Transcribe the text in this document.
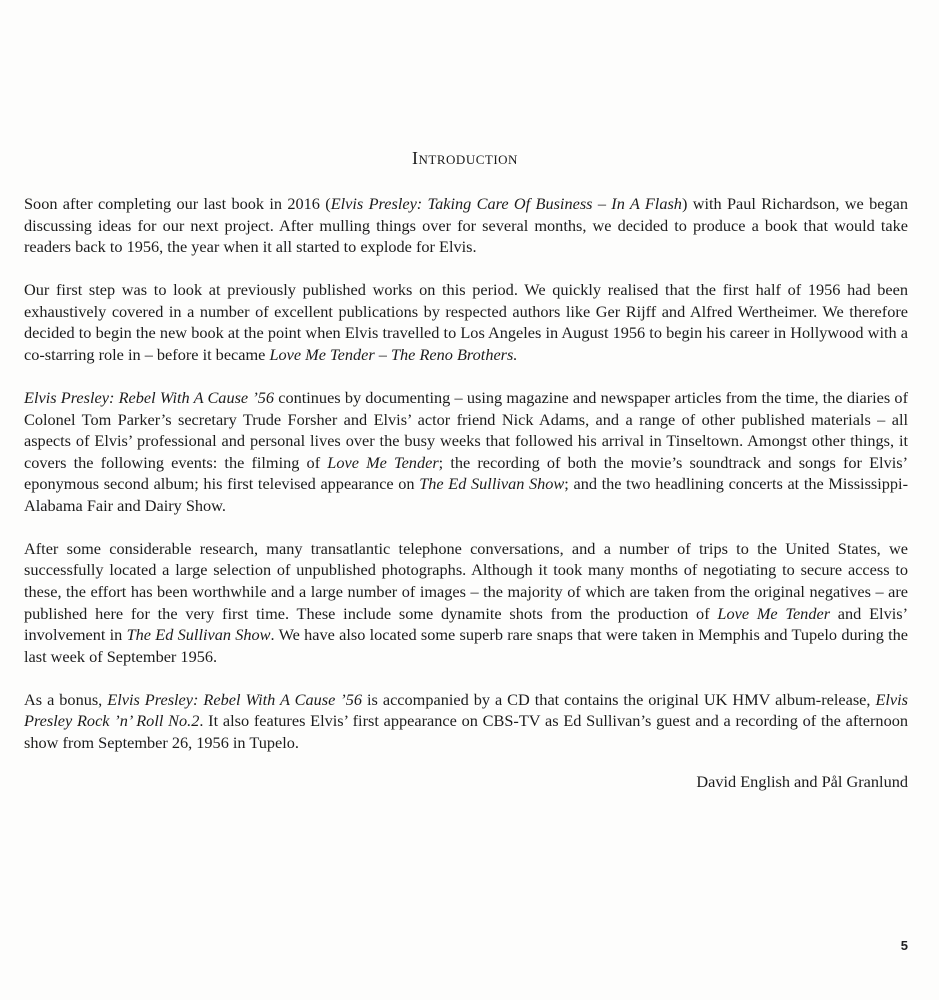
Introduction

Soon after completing our last book in 2016 (Elvis Presley: Taking Care Of Business – In A Flash) with Paul Richardson, we began discussing ideas for our next project. After mulling things over for several months, we decided to produce a book that would take readers back to 1956, the year when it all started to explode for Elvis.

Our first step was to look at previously published works on this period. We quickly realised that the first half of 1956 had been exhaustively covered in a number of excellent publications by respected authors like Ger Rijff and Alfred Wertheimer. We therefore decided to begin the new book at the point when Elvis travelled to Los Angeles in August 1956 to begin his career in Hollywood with a co-starring role in – before it became Love Me Tender – The Reno Brothers.

Elvis Presley: Rebel With A Cause ’56 continues by documenting – using magazine and newspaper articles from the time, the diaries of Colonel Tom Parker’s secretary Trude Forsher and Elvis’ actor friend Nick Adams, and a range of other published materials – all aspects of Elvis’ professional and personal lives over the busy weeks that followed his arrival in Tinseltown. Amongst other things, it covers the following events: the filming of Love Me Tender; the recording of both the movie’s soundtrack and songs for Elvis’ eponymous second album; his first televised appearance on The Ed Sullivan Show; and the two headlining concerts at the Mississippi-Alabama Fair and Dairy Show.

After some considerable research, many transatlantic telephone conversations, and a number of trips to the United States, we successfully located a large selection of unpublished photographs. Although it took many months of negotiating to secure access to these, the effort has been worthwhile and a large number of images – the majority of which are taken from the original negatives – are published here for the very first time. These include some dynamite shots from the production of Love Me Tender and Elvis’ involvement in The Ed Sullivan Show. We have also located some superb rare snaps that were taken in Memphis and Tupelo during the last week of September 1956.

As a bonus, Elvis Presley: Rebel With A Cause ’56 is accompanied by a CD that contains the original UK HMV album-release, Elvis Presley Rock ’n’ Roll No.2. It also features Elvis’ first appearance on CBS-TV as Ed Sullivan’s guest and a recording of the afternoon show from September 26, 1956 in Tupelo.

David English and Pål Granlund
5
